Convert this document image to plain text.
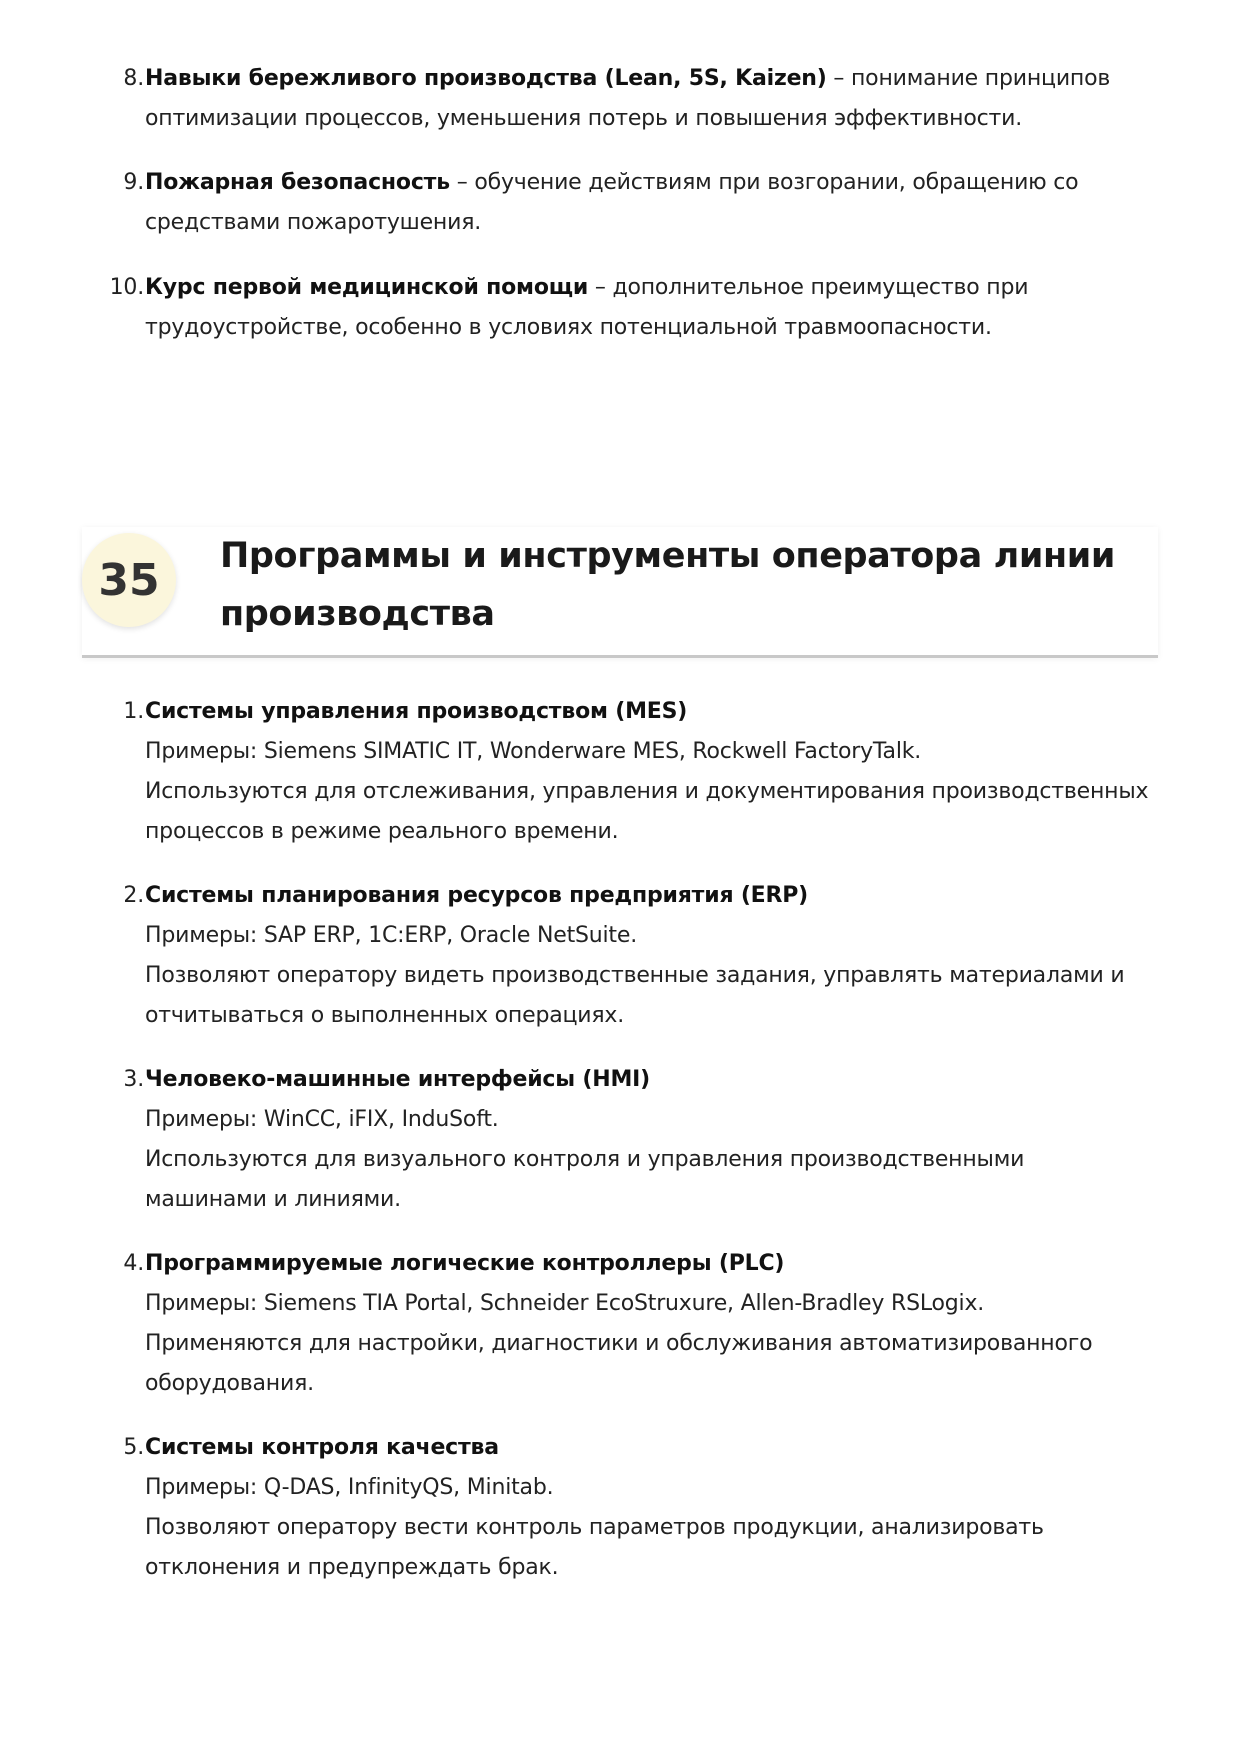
8. Навыки бережливого производства (Lean, 5S, Kaizen) – понимание принципов
оптимизации процессов, уменьшения потерь и повышения эффективности.
9. Пожарная безопасность – обучение действиям при возгорании, обращению со
средствами пожаротушения.
10. Курс первой медицинской помощи – дополнительное преимущество при
трудоустройстве, особенно в условиях потенциальной травмоопасности.
35	Программы и инструменты оператора линии
производства
1. Системы управления производством (MES)
Примеры: Siemens SIMATIC IT, Wonderware MES, Rockwell FactoryTalk.
Используются для отслеживания, управления и документирования производственных
процессов в режиме реального времени.
2. Системы планирования ресурсов предприятия (ERP)
Примеры: SAP ERP, 1С:ERP, Oracle NetSuite.
Позволяют оператору видеть производственные задания, управлять материалами и
отчитываться о выполненных операциях.
3. Человеко-машинные интерфейсы (HMI)
Примеры: WinCC, iFIX, InduSoft.
Используются для визуального контроля и управления производственными
машинами и линиями.
4. Программируемые логические контроллеры (PLC)
Примеры: Siemens TIA Portal, Schneider EcoStruxure, Allen-Bradley RSLogix.
Применяются для настройки, диагностики и обслуживания автоматизированного
оборудования.
5. Системы контроля качества
Примеры: Q-DAS, InfinityQS, Minitab.
Позволяют оператору вести контроль параметров продукции, анализировать
отклонения и предупреждать брак.
